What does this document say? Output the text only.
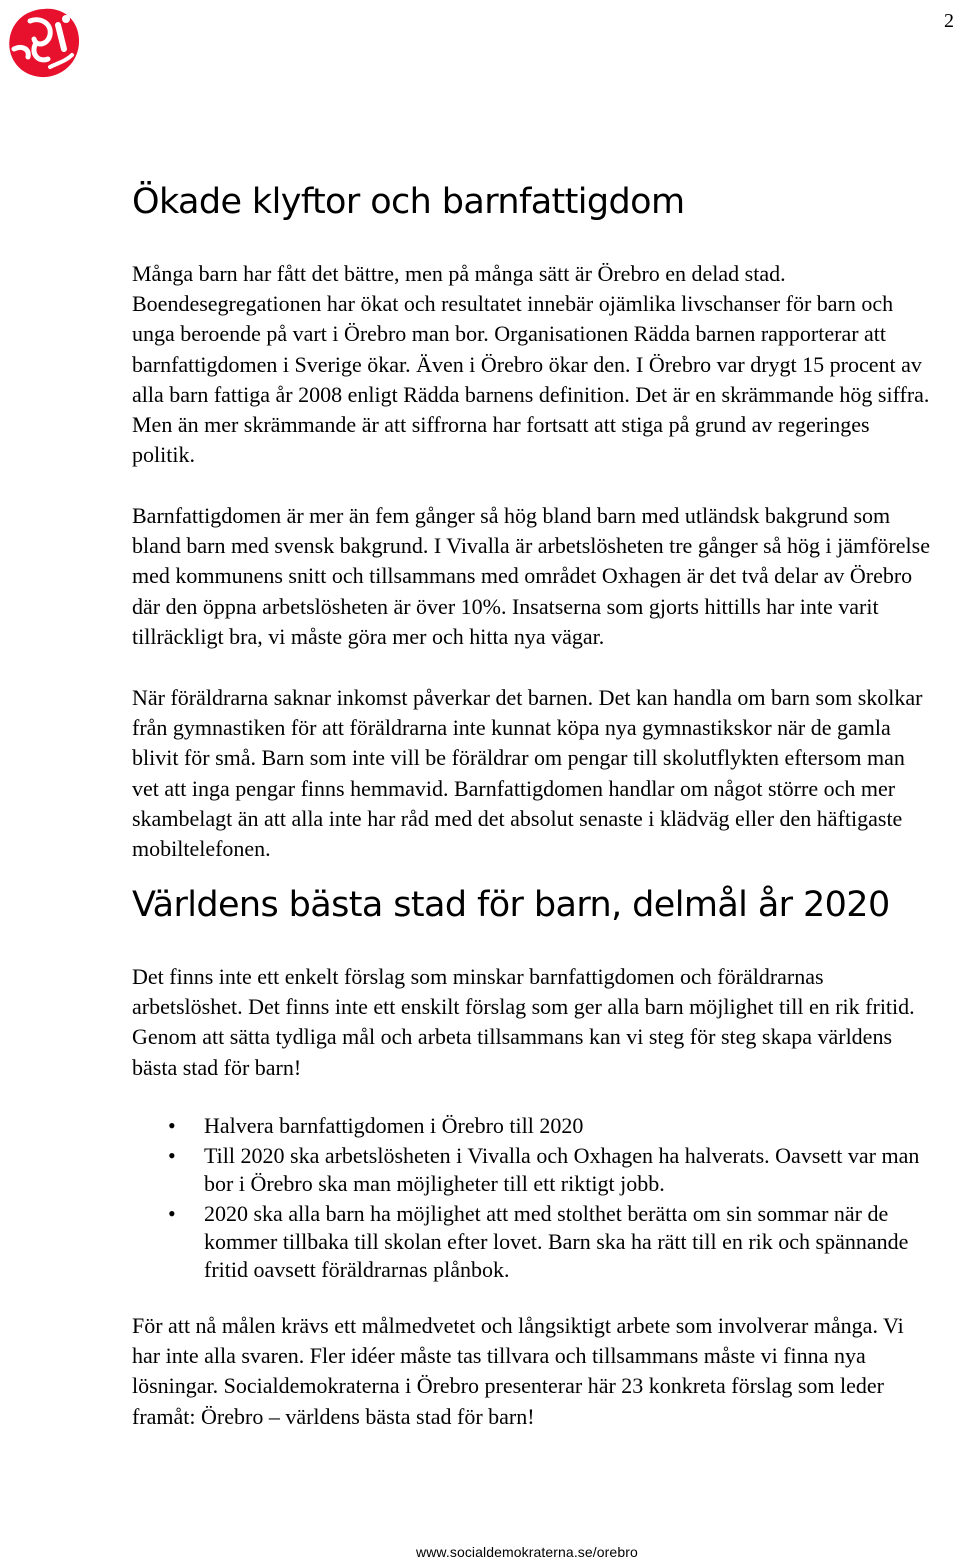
2
Ökade klyftor och barnfattigdom

Många barn har fått det bättre, men på många sätt är Örebro en delad stad. Boendesegregationen har ökat och resultatet innebär ojämlika livschanser för barn och unga beroende på vart i Örebro man bor. Organisationen Rädda barnen rapporterar att barnfattigdomen i Sverige ökar. Även i Örebro ökar den. I Örebro var drygt 15 procent av alla barn fattiga år 2008 enligt Rädda barnens definition. Det är en skrämmande hög siffra. Men än mer skrämmande är att siffrorna har fortsatt att stiga på grund av regeringes politik.

Barnfattigdomen är mer än fem gånger så hög bland barn med utländsk bakgrund som bland barn med svensk bakgrund. I Vivalla är arbetslösheten tre gånger så hög i jämförelse med kommunens snitt och tillsammans med området Oxhagen är det två delar av Örebro där den öppna arbetslösheten är över 10%. Insatserna som gjorts hittills har inte varit tillräckligt bra, vi måste göra mer och hitta nya vägar.

När föräldrarna saknar inkomst påverkar det barnen. Det kan handla om barn som skolkar från gymnastiken för att föräldrarna inte kunnat köpa nya gymnastikskor när de gamla blivit för små. Barn som inte vill be föräldrar om pengar till skolutflykten eftersom man vet att inga pengar finns hemmavid. Barnfattigdomen handlar om något större och mer skambelagt än att alla inte har råd med det absolut senaste i klädväg eller den häftigaste mobiltelefonen.

Världens bästa stad för barn, delmål år 2020

Det finns inte ett enkelt förslag som minskar barnfattigdomen och föräldrarnas arbetslöshet. Det finns inte ett enskilt förslag som ger alla barn möjlighet till en rik fritid. Genom att sätta tydliga mål och arbeta tillsammans kan vi steg för steg skapa världens bästa stad för barn!

• Halvera barnfattigdomen i Örebro till 2020
• Till 2020 ska arbetslösheten i Vivalla och Oxhagen ha halverats. Oavsett var man bor i Örebro ska man möjligheter till ett riktigt jobb.
• 2020 ska alla barn ha möjlighet att med stolthet berätta om sin sommar när de kommer tillbaka till skolan efter lovet. Barn ska ha rätt till en rik och spännande fritid oavsett föräldrarnas plånbok.

För att nå målen krävs ett målmedvetet och långsiktigt arbete som involverar många. Vi har inte alla svaren. Fler idéer måste tas tillvara och tillsammans måste vi finna nya lösningar. Socialdemokraterna i Örebro presenterar här 23 konkreta förslag som leder framåt: Örebro – världens bästa stad för barn!

www.socialdemokraterna.se/orebro
